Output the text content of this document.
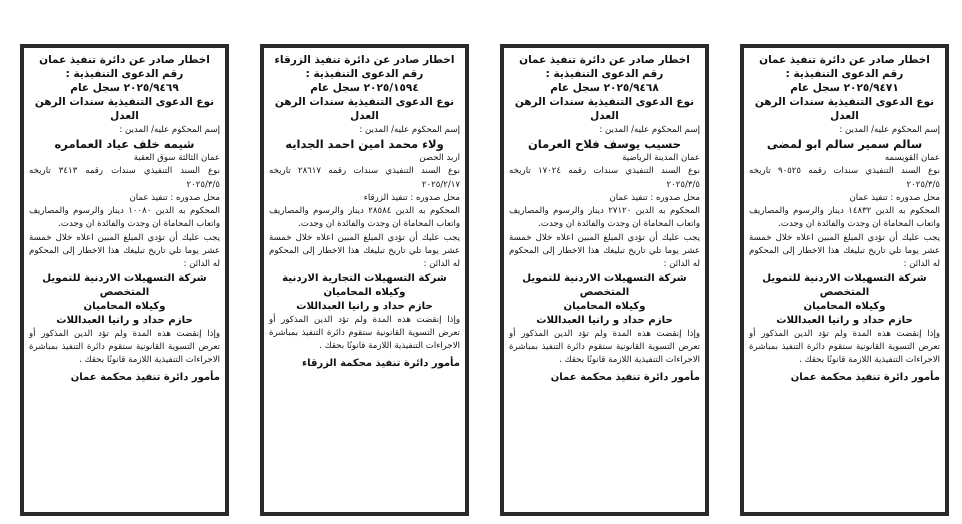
اخطار صادر عن دائرة تنفيذ عمان
رقم الدعوى التنفيذية :
٢٠٢٥/٩٤٧١ سجل عام
نوع الدعوى التنفيذية سندات الرهن العدل
إسم المحكوم عليه/ المدين :
سالم سمير سالم ابو لمضى
عمان القويسمه
نوع السند التنفيذي سندات رقمه ٩٠٥٢٥ تاريخه ٢٠٢٥/٣/٥
محل صدوره : تنفيذ عمان
المحكوم به الدين ١٤٨٣٢ دينار والرسوم والمصاريف واتعاب المحاماة ان وجدت والفائدة ان وجدت.
يجب عليك أن تؤدي المبلغ المبين اعلاه خلال خمسة عشر يوما تلي تاريخ تبليغك هذا الاخطار إلى المحكوم له الدائن :
شركة التسهيلات الاردنية للتمويل المتخصص
وكيلاه المحاميان
حازم حداد و رانيا العبداللات
وإذا إنقضت هذه المدة ولم تؤد الدين المذكور أو تعرض التسوية القانونية ستقوم دائرة التنفيذ بمباشرة الاجراءات التنفيذية اللازمة قانونًا بحقك .
مأمور دائرة تنفيذ محكمة عمان
اخطار صادر عن دائرة تنفيذ عمان
رقم الدعوى التنفيذية :
٢٠٢٥/٩٤٦٨ سجل عام
نوع الدعوى التنفيذية سندات الرهن العدل
إسم المحكوم عليه/ المدين :
حسيب يوسف فلاح العرمان
عمان المدينة الرياضية
نوع السند التنفيذي سندات رقمه ١٧٠٢٤ تاريخه ٢٠٢٥/٣/٥
محل صدوره : تنفيذ عمان
المحكوم به الدين ٢٧١٢٠ دينار والرسوم والمصاريف واتعاب المحاماة ان وجدت والفائدة ان وجدت.
يجب عليك أن تؤدي المبلغ المبين اعلاه خلال خمسة عشر يوما تلي تاريخ تبليغك هذا الاخطار إلى المحكوم له الدائن :
شركة التسهيلات الاردنية للتمويل المتخصص
وكيلاه المحاميان
حازم حداد و رانيا العبداللات
وإذا إنقضت هذه المدة ولم تؤد الدين المذكور أو تعرض التسوية القانونية ستقوم دائرة التنفيذ بمباشرة الاجراءات التنفيذية اللازمة قانونًا بحقك .
مأمور دائرة تنفيذ محكمة عمان
اخطار صادر عن دائرة تنفيذ الزرقاء
رقم الدعوى التنفيذية :
٢٠٢٥/١٥٩٤ سجل عام
نوع الدعوى التنفيذية سندات الرهن العدل
إسم المحكوم عليه/ المدين :
ولاء محمد امين احمد الجدايه
اربد الحصن
نوع السند التنفيذي سندات رقمه ٢٨٦١٧ تاريخه ٢٠٢٥/٢/١٧
محل صدوره : تنفيذ الزرقاء
المحكوم به الدين ٢٨٥٨٤ دينار والرسوم والمصاريف واتعاب المحاماة ان وجدت والفائدة ان وجدت.
يجب عليك أن تؤدي المبلغ المبين اعلاه خلال خمسة عشر يوما تلي تاريخ تبليغك هذا الاخطار إلى المحكوم له الدائن :
شركة التسهيلات التجارية الاردنية
وكيلاه المحاميان
حازم حداد و رانيا العبداللات
وإذا إنقضت هذه المدة ولم تؤد الدين المذكور أو تعرض التسوية القانونية ستقوم دائرة التنفيذ بمباشرة الاجراءات التنفيذية اللازمة قانونًا بحقك .
مأمور دائرة تنفيذ محكمة الزرقاء
اخطار صادر عن دائرة تنفيذ عمان
رقم الدعوى التنفيذية :
٢٠٢٥/٩٤٦٩ سجل عام
نوع الدعوى التنفيذية سندات الرهن العدل
إسم المحكوم عليه/ المدين :
شيمه خلف عياد العمامره
عمان الثالثة سوق العقبة
نوع السند التنفيذي سندات رقمه ٣٤١٣ تاريخه ٢٠٢٥/٣/٥
محل صدوره : تنفيذ عمان
المحكوم به الدين ١٠٠٨٠ دينار والرسوم والمصاريف واتعاب المحاماة ان وجدت والفائدة ان وجدت.
يجب عليك أن تؤدي المبلغ المبين اعلاه خلال خمسة عشر يوما تلي تاريخ تبليغك هذا الاخطار إلى المحكوم له الدائن :
شركة التسهيلات الاردنية للتمويل المتخصص
وكيلاه المحاميان
حازم حداد و رانيا العبداللات
وإذا إنقضت هذه المدة ولم تؤد الدين المذكور أو تعرض التسوية القانونية ستقوم دائرة التنفيذ بمباشرة الاجراءات التنفيذية اللازمة قانونًا بحقك .
مأمور دائرة تنفيذ محكمة عمان
